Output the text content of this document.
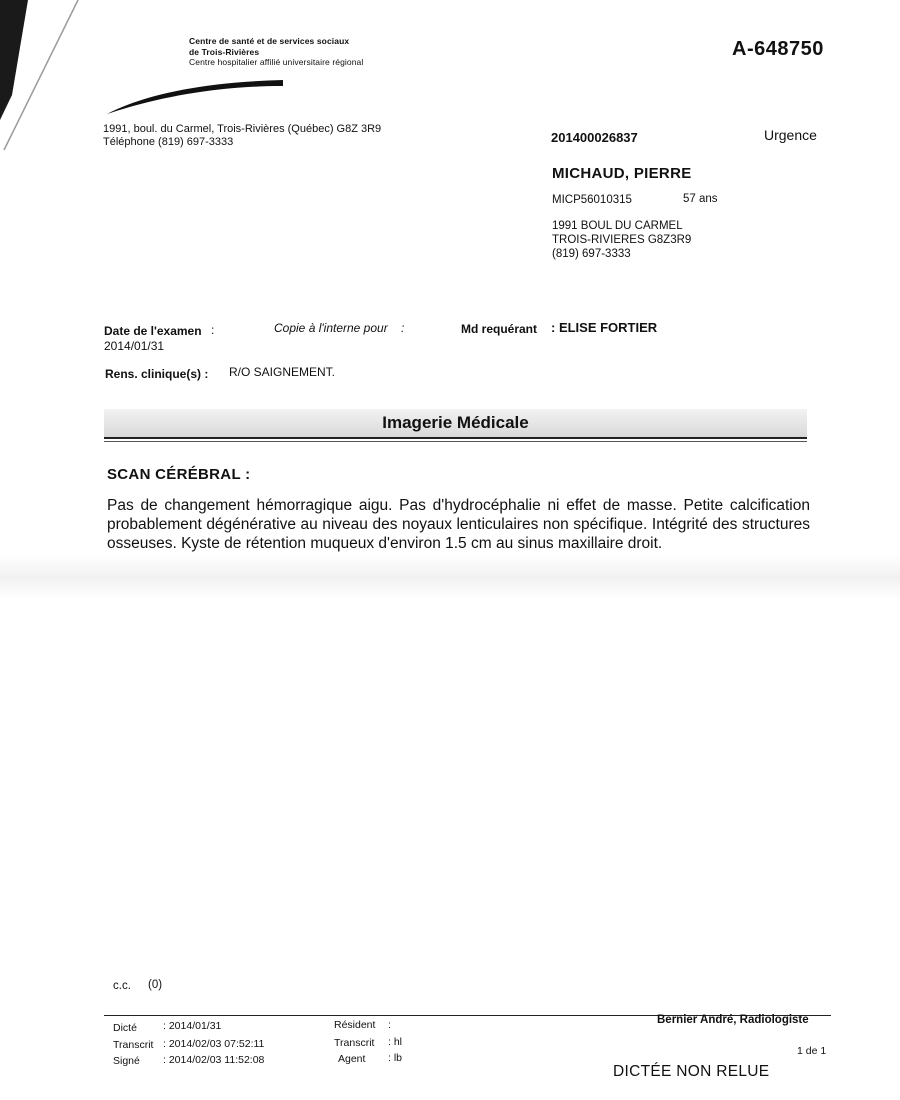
Centre de santé et de services sociaux
de Trois-Rivières
Centre hospitalier affilié universitaire régional
1991, boul. du Carmel, Trois-Rivières (Québec) G8Z 3R9
Téléphone (819) 697-3333
A-648750
201400026837	Urgence
MICHAUD, PIERRE
MICP56010315	57 ans
1991 BOUL DU CARMEL
TROIS-RIVIERES G8Z3R9
(819) 697-3333
Date de l'examen :
2014/01/31
Copie à l'interne pour :	Md requérant : ELISE FORTIER
Rens. clinique(s) : R/O SAIGNEMENT.
Imagerie Médicale
SCAN CÉRÉBRAL :
Pas de changement hémorragique aigu. Pas d'hydrocéphalie ni effet de masse. Petite calcification probablement dégénérative au niveau des noyaux lenticulaires non spécifique. Intégrité des structures osseuses. Kyste de rétention muqueux d'environ 1.5 cm au sinus maxillaire droit.
c.c. (0)
Dicté : 2014/01/31
Transcrit : 2014/02/03 07:52:11
Signé : 2014/02/03 11:52:08
Résident :
Transcrit : hl
Agent : lb
Bernier André, Radiologiste
1 de 1
DICTÉE NON RELUE
